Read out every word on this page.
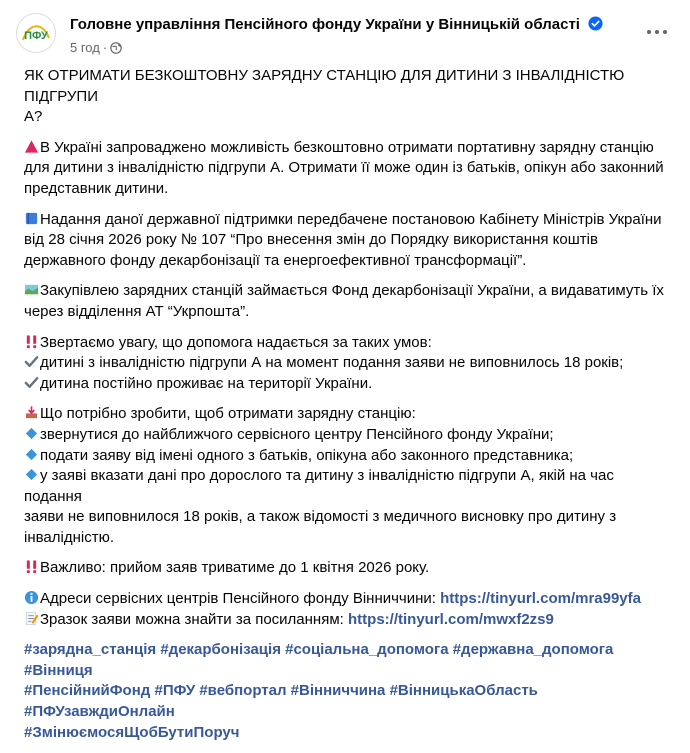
ПФУ
Головне управління Пенсійного фонду України у Вінницькій області
5 год ·
ЯК ОТРИМАТИ БЕЗКОШТОВНУ ЗАРЯДНУ СТАНЦІЮ ДЛЯ ДИТИНИ З ІНВАЛІДНІСТЮ ПІДГРУПИ
А?
В Україні запроваджено можливість безкоштовно отримати портативну зарядну станцію
для дитини з інвалідністю підгрупи А. Отримати її може один із батьків, опікун або законний
представник дитини.
Надання даної державної підтримки передбачене постановою Кабінету Міністрів України
від 28 січня 2026 року № 107 “Про внесення змін до Порядку використання коштів
державного фонду декарбонізації та енергоефективної трансформації”.
Закупівлею зарядних станцій займається Фонд декарбонізації України, а видаватимуть їх
через відділення АТ “Укрпошта”.
Звертаємо увагу, що допомога надається за таких умов:
дитині з інвалідністю підгрупи А на момент подання заяви не виповнилось 18 років;
дитина постійно проживає на території України.
Що потрібно зробити, щоб отримати зарядну станцію:
звернутися до найближчого сервісного центру Пенсійного фонду України;
подати заяву від імені одного з батьків, опікуна або законного представника;
у заяві вказати дані про дорослого та дитину з інвалідністю підгрупи А, якій на час подання
заяви не виповнилося 18 років, а також відомості з медичного висновку про дитину з
інвалідністю.
Важливо: прийом заяв триватиме до 1 квітня 2026 року.
Адреси сервісних центрів Пенсійного фонду Вінниччини: https://tinyurl.com/mra99yfa
Зразок заяви можна знайти за посиланням: https://tinyurl.com/mwxf2zs9
#зарядна_станція #декарбонізація #соціальна_допомога #державна_допомога #Вінниця
#ПенсійнийФонд #ПФУ #вебпортал #Вінниччина #ВінницькаОбласть #ПФУзавждиОнлайн
#ЗмінюємосяЩобБутиПоруч
